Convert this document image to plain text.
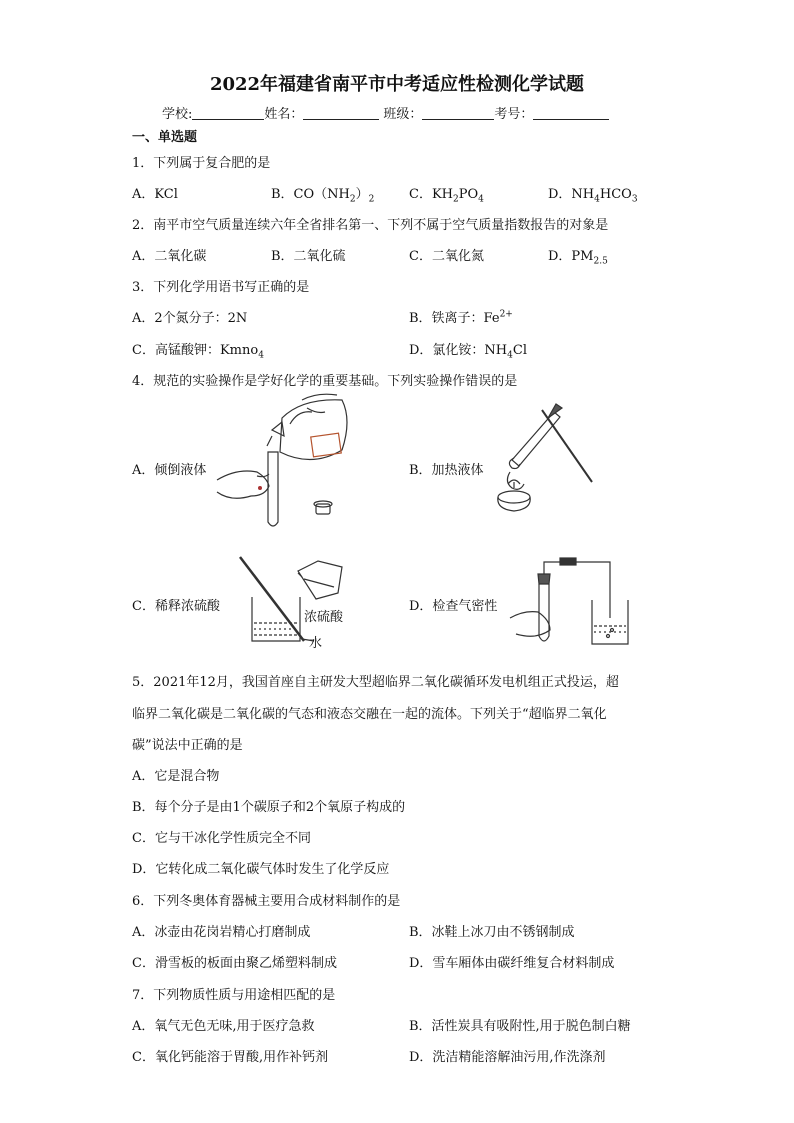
2022年福建省南平市中考适应性检测化学试题
学校:	姓名：	班级：	考号：
一、单选题
1．下列属于复合肥的是
A．KCl	B．$CO(NH_2)_2$	C．$KH_2PO_4$	D．$NH_4HCO_3$
2．南平市空气质量连续六年全省排名第一、下列不属于空气质量指数报告的对象是
A．二氧化碳	B．二氧化硫	C．二氧化氮	D．$PM_{2.5}$
3．下列化学用语书写正确的是
A．2个氮分子：2N	B．铁离子：$Fe^{2+}$
C．高锰酸钾：Kmno$_4$	D．氯化铵：$NH_4Cl$
4．规范的实验操作是学好化学的重要基础。下列实验操作错误的是
A．倾倒液体	B．加热液体
C．稀释浓硫酸	D．检查气密性
浓硫酸
水
5．2021年12月，我国首座自主研发大型超临界二氧化碳循环发电机组正式投运，超
临界二氧化碳是二氧化碳的气态和液态交融在一起的流体。下列关于“超临界二氧化
碳”说法中正确的是
A．它是混合物
B．每个分子是由1个碳原子和2个氧原子构成的
C．它与干冰化学性质完全不同
D．它转化成二氧化碳气体时发生了化学反应
6．下列冬奥体育器械主要用合成材料制作的是
A．冰壶由花岗岩精心打磨制成	B．冰鞋上冰刀由不锈钢制成
C．滑雪板的板面由聚乙烯塑料制成	D．雪车厢体由碳纤维复合材料制成
7．下列物质性质与用途相匹配的是
A．氧气无色无味,用于医疗急救	B．活性炭具有吸附性,用于脱色制白糖
C．氧化钙能溶于胃酸,用作补钙剂	D．洗洁精能溶解油污用,作洗涤剂
